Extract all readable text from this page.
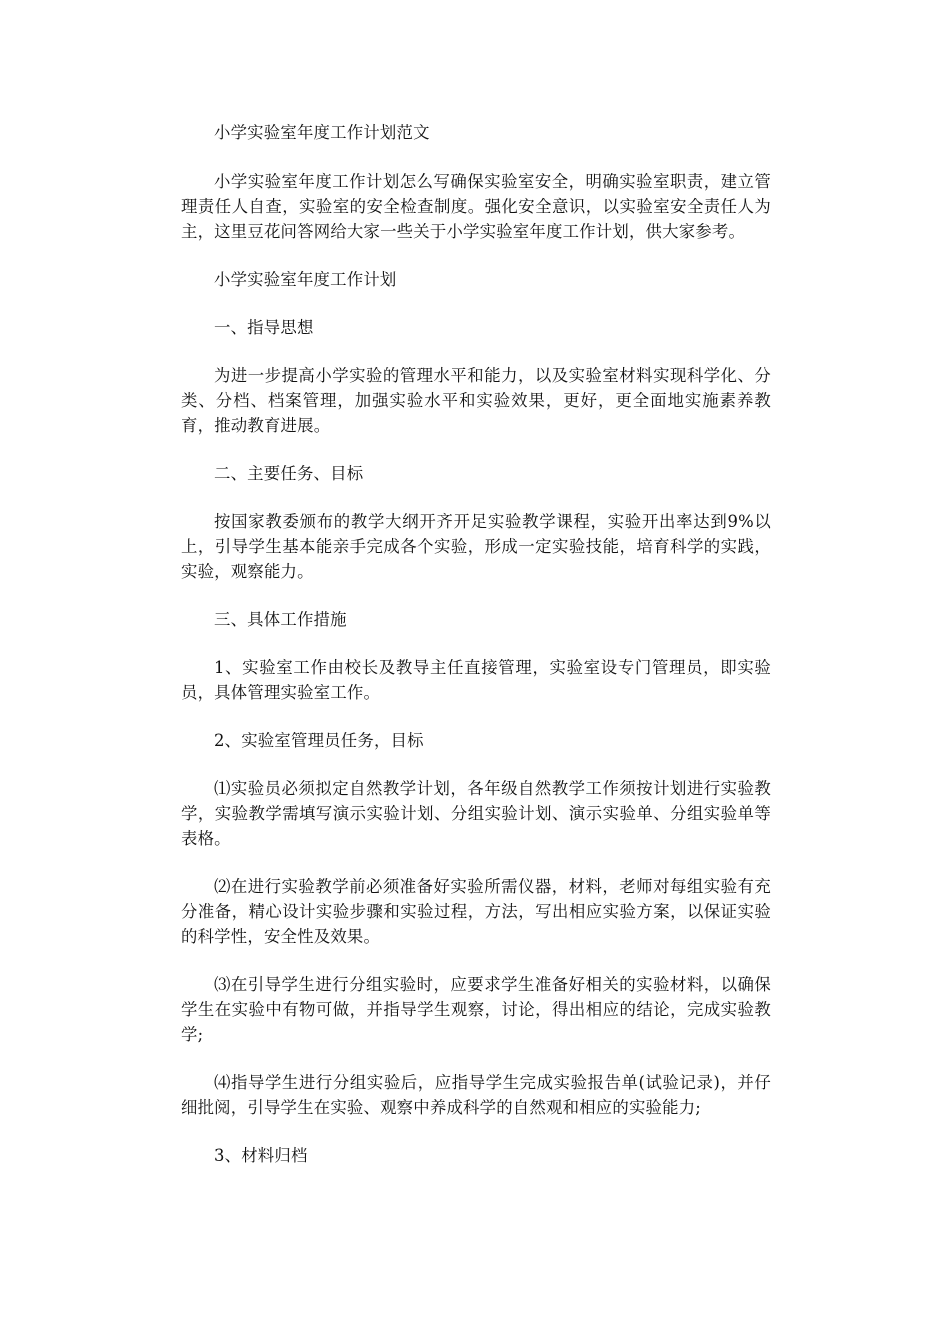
小学实验室年度工作计划范文

小学实验室年度工作计划怎么写确保实验室安全，明确实验室职责，建立管理责任人自查，实验室的安全检查制度。强化安全意识，以实验室安全责任人为主，这里豆花问答网给大家一些关于小学实验室年度工作计划，供大家参考。

小学实验室年度工作计划

一、指导思想

为进一步提高小学实验的管理水平和能力，以及实验室材料实现科学化、分类、分档、档案管理，加强实验水平和实验效果，更好，更全面地实施素养教育，推动教育进展。

二、主要任务、目标

按国家教委颁布的教学大纲开齐开足实验教学课程，实验开出率达到9%以上，引导学生基本能亲手完成各个实验，形成一定实验技能，培育科学的实践，实验，观察能力。

三、具体工作措施

1、实验室工作由校长及教导主任直接管理，实验室设专门管理员，即实验员，具体管理实验室工作。

2、实验室管理员任务，目标

⑴实验员必须拟定自然教学计划，各年级自然教学工作须按计划进行实验教学，实验教学需填写演示实验计划、分组实验计划、演示实验单、分组实验单等表格。

⑵在进行实验教学前必须准备好实验所需仪器，材料，老师对每组实验有充分准备，精心设计实验步骤和实验过程，方法，写出相应实验方案，以保证实验的科学性，安全性及效果。

⑶在引导学生进行分组实验时，应要求学生准备好相关的实验材料，以确保学生在实验中有物可做，并指导学生观察，讨论，得出相应的结论，完成实验教学;

⑷指导学生进行分组实验后，应指导学生完成实验报告单(试验记录)，并仔细批阅，引导学生在实验、观察中养成科学的自然观和相应的实验能力;

3、材料归档
